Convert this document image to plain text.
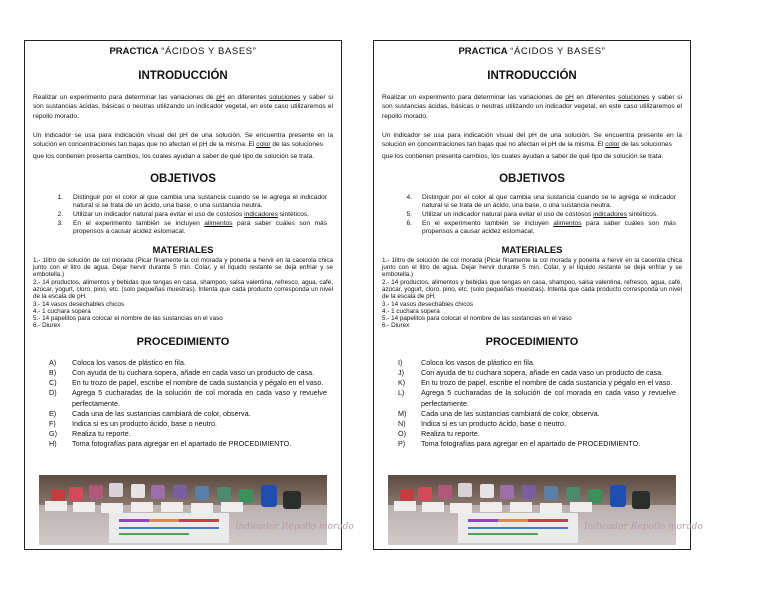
PRACTICA “ÁCIDOS Y BASES”
INTRODUCCIÓN

Realizar un experimento para determinar las variaciones de pH en diferentes soluciones y saber si son sustancias ácidas, básicas o neutras utilizando un indicador vegetal, en este caso utilizaremos el repollo morado.

Un indicador se usa para indicación visual del pH de una solución. Se encuentra presente en la solución en concentraciones tan bajas que no afectan el pH de la misma. El color de las soluciones

que los contienen presenta cambios, los cuales ayudan a saber de qué tipo de solución se trata.

OBJETIVOS
1.	Distinguir por el color al que cambia una sustancia cuando se le agrega el indicador natural si se trata de un ácido, una base, o una sustancia neutra.
2.	Utilizar un indicador natural para evitar el uso de costosos indicadores sintéticos.
3.	En el experimento también se incluyen alimentos para saber cuáles son más propensos a causar acidez estomacal.
MATERIALES
1.- 1litro de solución de col morada (Picar finamente la col morada y ponerla a hervir en la cacerola chica junto con el litro de agua. Dejar hervir durante 5 min. Colar, y el líquido restante se deja enfriar y se embotella.)
2.- 14 productos, alimentos y bebidas que tengas en casa, shampoo, salsa valentina, refresco, agua, café, azúcar, yogurt, cloro, pino, etc. (solo pequeñas muestras). Intenta que cada producto corresponda un nivel de la escala de pH.
3.- 14 vasos desechables chicos
4.- 1 cuchara sopera
5.- 14 papelitos para colocar el nombre de las sustancias en el vaso
6.- Diurex
PROCEDIMIENTO
A)	Coloca los vasos de plástico en fila.
B)	Con ayuda de tu cuchara sopera, añade en cada vaso un producto de casa.
C)	En tu trozo de papel, escribe el nombre de cada sustancia y pégalo en el vaso.
D)	Agrega 5 cucharadas de la solución de col morada en cada vaso y revuelve perfectamente.
E)	Cada una de las sustancias cambiará de color, observa.
F)	Indica si es un producto ácido, base o neutro.
G)	Realiza tu reporte.
H)	Toma fotografías para agregar en el apartado de PROCEDIMIENTO.
Indicador Repollo morado
PRACTICA “ÁCIDOS Y BASES”
INTRODUCCIÓN

Realizar un experimento para determinar las variaciones de pH en diferentes soluciones y saber si son sustancias ácidas, básicas o neutras utilizando un indicador vegetal, en este caso utilizaremos el repollo morado.

Un indicador se usa para indicación visual del pH de una solución. Se encuentra presente en la solución en concentraciones tan bajas que no afectan el pH de la misma. El color de las soluciones

que los contienen presenta cambios, los cuales ayudan a saber de qué tipo de solución se trata.

OBJETIVOS
4.	Distinguir por el color al que cambia una sustancia cuando se le agrega el indicador natural si se trata de un ácido, una base, o una sustancia neutra.
5.	Utilizar un indicador natural para evitar el uso de costosos indicadores sintéticos.
6.	En el experimento también se incluyen alimentos para saber cuáles son más propensos a causar acidez estomacal.
MATERIALES
1.- 1litro de solución de col morada (Picar finamente la col morada y ponerla a hervir en la cacerola chica junto con el litro de agua. Dejar hervir durante 5 min. Colar, y el líquido restante se deja enfriar y se embotella.)
2.- 14 productos, alimentos y bebidas que tengas en casa, shampoo, salsa valentina, refresco, agua, café, azúcar, yogurt, cloro, pino, etc. (solo pequeñas muestras). Intenta que cada producto corresponda un nivel de la escala de pH.
3.- 14 vasos desechables chicos
4.- 1 cuchara sopera
5.- 14 papelitos para colocar el nombre de las sustancias en el vaso
6.- Diurex
PROCEDIMIENTO
I)	Coloca los vasos de plástico en fila.
J)	Con ayuda de tu cuchara sopera, añade en cada vaso un producto de casa.
K)	En tu trozo de papel, escribe el nombre de cada sustancia y pégalo en el vaso.
L)	Agrega 5 cucharadas de la solución de col morada en cada vaso y revuelve perfectamente.
M)	Cada una de las sustancias cambiará de color, observa.
N)	Indica si es un producto ácido, base o neutro.
O)	Realiza tu reporte.
P)	Toma fotografías para agregar en el apartado de PROCEDIMIENTO.
Indicador Repollo morado
